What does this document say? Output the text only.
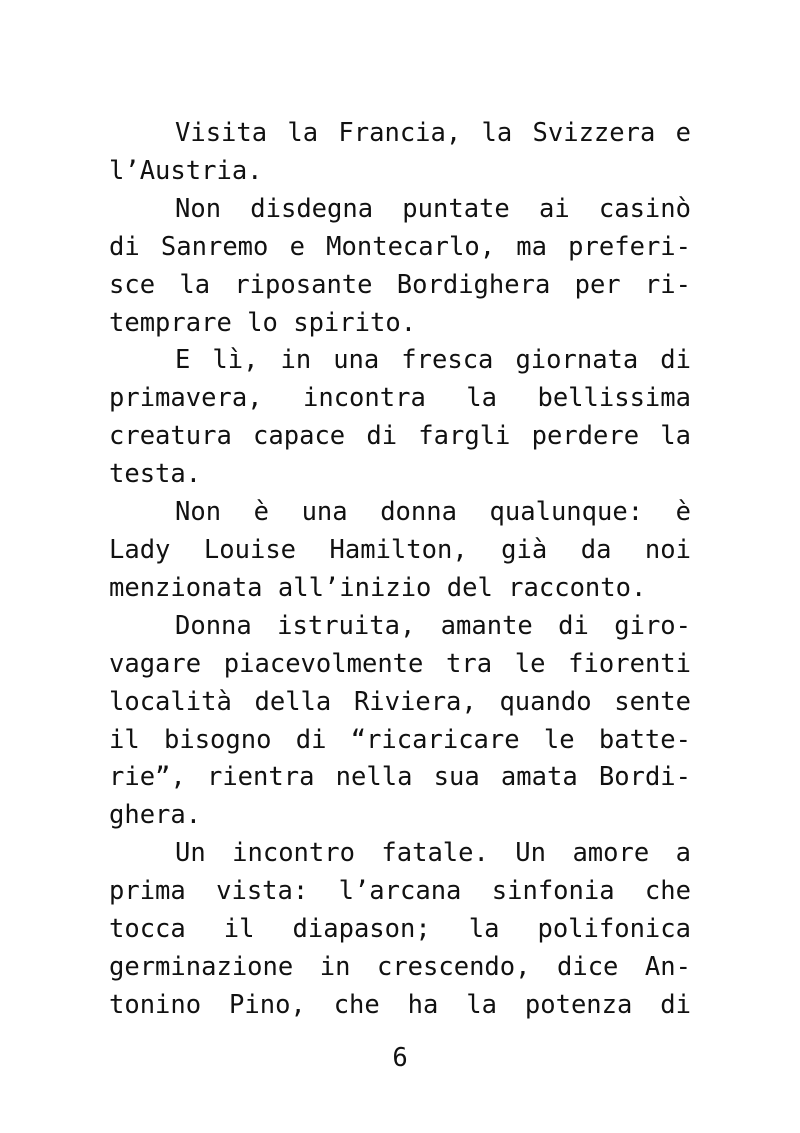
Visita la Francia, la Svizzera e
l’Austria.

Non disdegna puntate ai casinò
di Sanremo e Montecarlo, ma preferi-
sce la riposante Bordighera per ri-
temprare lo spirito.

E lì, in una fresca giornata di
primavera, incontra la bellissima
creatura capace di fargli perdere la
testa.

Non è una donna qualunque: è
Lady Louise Hamilton, già da noi
menzionata all’inizio del racconto.

Donna istruita, amante di giro-
vagare piacevolmente tra le fiorenti
località della Riviera, quando sente
il bisogno di “ricaricare le batte-
rie”, rientra nella sua amata Bordi-
ghera.

Un incontro fatale. Un amore a
prima vista: l’arcana sinfonia che
tocca il diapason; la polifonica
germinazione in crescendo, dice An-
tonino Pino, che ha la potenza di

6
